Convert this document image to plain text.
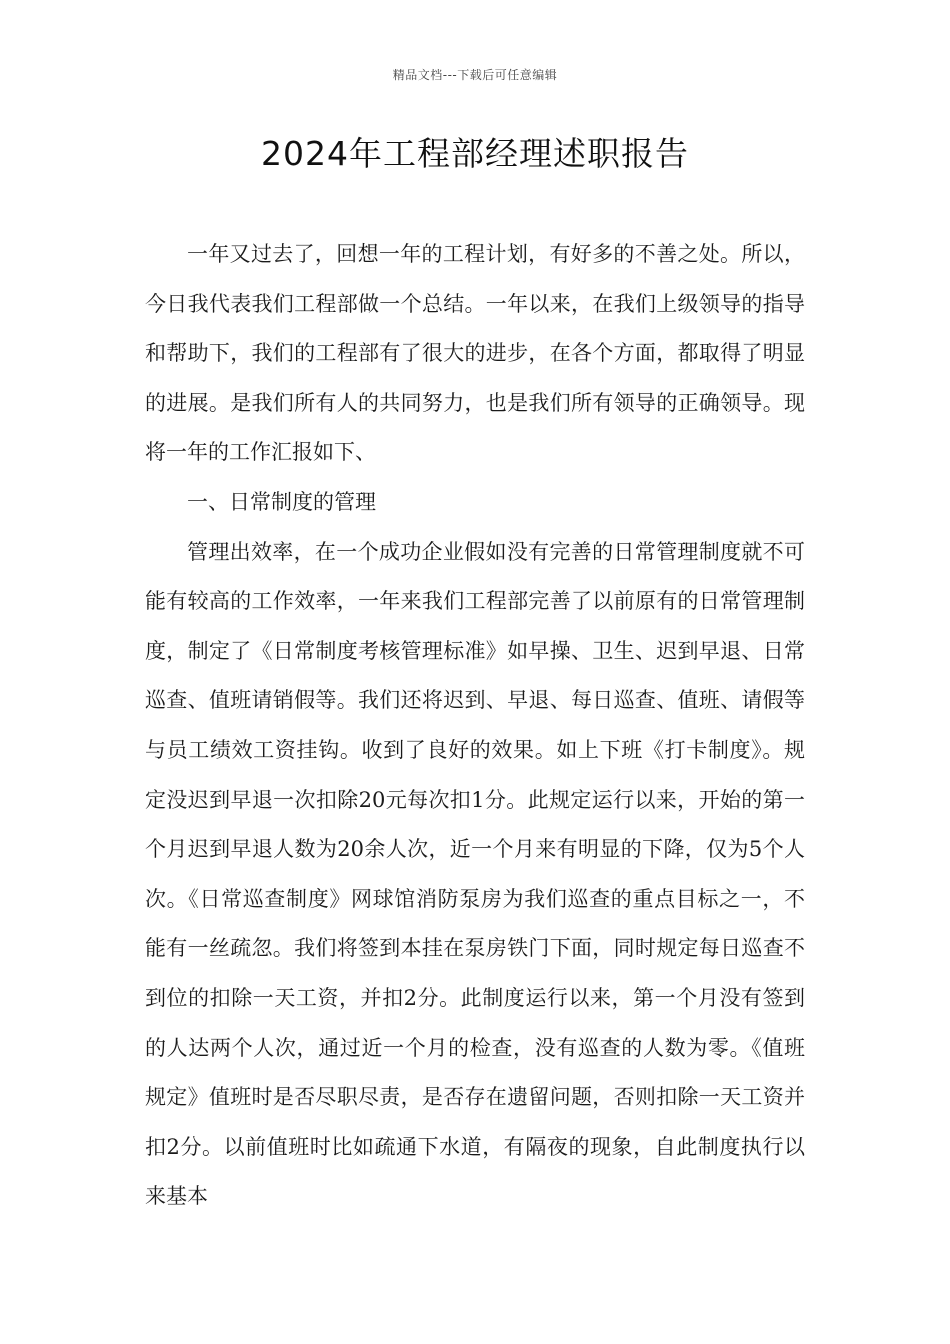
精品文档---下载后可任意编辑
2024年工程部经理述职报告

一年又过去了，回想一年的工程计划，有好多的不善之处。所以，今日我代表我们工程部做一个总结。一年以来，在我们上级领导的指导和帮助下，我们的工程部有了很大的进步，在各个方面，都取得了明显的进展。是我们所有人的共同努力，也是我们所有领导的正确领导。现将一年的工作汇报如下、

一、日常制度的管理

管理出效率，在一个成功企业假如没有完善的日常管理制度就不可能有较高的工作效率，一年来我们工程部完善了以前原有的日常管理制度，制定了《日常制度考核管理标准》如早操、卫生、迟到早退、日常巡查、值班请销假等。我们还将迟到、早退、每日巡查、值班、请假等与员工绩效工资挂钩。收到了良好的效果。如上下班《打卡制度》。规定没迟到早退一次扣除20元每次扣1分。此规定运行以来，开始的第一个月迟到早退人数为20余人次，近一个月来有明显的下降，仅为5个人次。《日常巡查制度》网球馆消防泵房为我们巡查的重点目标之一，不能有一丝疏忽。我们将签到本挂在泵房铁门下面，同时规定每日巡查不到位的扣除一天工资，并扣2分。此制度运行以来，第一个月没有签到的人达两个人次，通过近一个月的检查，没有巡查的人数为零。《值班规定》值班时是否尽职尽责，是否存在遗留问题，否则扣除一天工资并扣2分。以前值班时比如疏通下水道，有隔夜的现象，自此制度执行以来基本
